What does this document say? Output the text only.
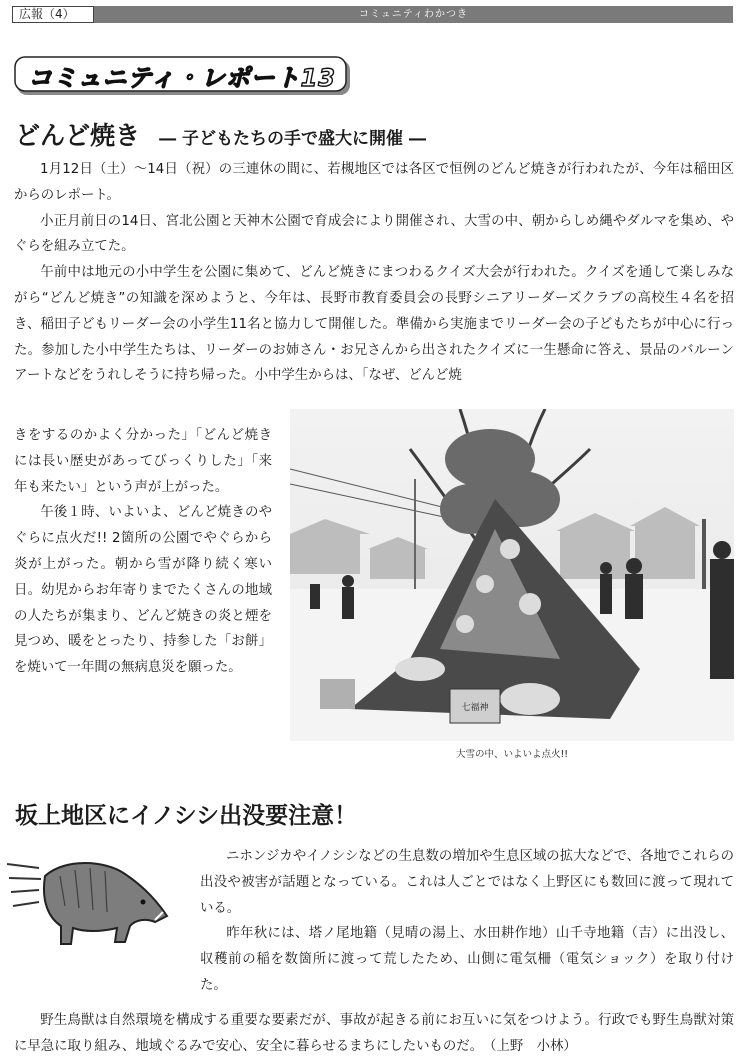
広報（4）	コミュニティわかつき
コミュニティ・レポート13
どんど焼き ― 子どもたちの手で盛大に開催 ―
1月12日（土）～14日（祝）の三連休の間に、若槻地区では各区で恒例のどんど焼きが行われたが、今年は稲田区からのレポート。
小正月前日の14日、宮北公園と天神木公園で育成会により開催され、大雪の中、朝からしめ縄やダルマを集め、やぐらを組み立てた。
午前中は地元の小中学生を公園に集めて、どんど焼きにまつわるクイズ大会が行われた。クイズを通して楽しみながら“どんど焼き”の知識を深めようと、今年は、長野市教育委員会の長野シニアリーダーズクラブの高校生４名を招き、稲田子どもリーダー会の小学生11名と協力して開催した。準備から実施までリーダー会の子どもたちが中心に行った。参加した小中学生たちは、リーダーのお姉さん・お兄さんから出されたクイズに一生懸命に答え、景品のバルーンアートなどをうれしそうに持ち帰った。小中学生からは、「なぜ、どんど焼
きをするのかよく分かった」「どんど焼きには長い歴史があってびっくりした」「来年も来たい」という声が上がった。
午後１時、いよいよ、どんど焼きのやぐらに点火だ!! 2箇所の公園でやぐらから炎が上がった。朝から雪が降り続く寒い日。幼児からお年寄りまでたくさんの地域の人たちが集まり、どんど焼きの炎と煙を見つめ、暖をとったり、持参した「お餅」を焼いて一年間の無病息災を願った。
七福神
大雪の中、いよいよ点火!!
坂上地区にイノシシ出没要注意！
ニホンジカやイノシシなどの生息数の増加や生息区域の拡大などで、各地でこれらの出没や被害が話題となっている。これは人ごとではなく上野区にも数回に渡って現れている。
昨年秋には、塔ノ尾地籍（見晴の湯上、水田耕作地）山千寺地籍（吉）に出没し、収穫前の稲を数箇所に渡って荒したため、山側に電気柵（電気ショック）を取り付けた。
野生鳥獣は自然環境を構成する重要な要素だが、事故が起きる前にお互いに気をつけよう。行政でも野生鳥獣対策に早急に取り組み、地域ぐるみで安心、安全に暮らせるまちにしたいものだ。　（上野　小林）
